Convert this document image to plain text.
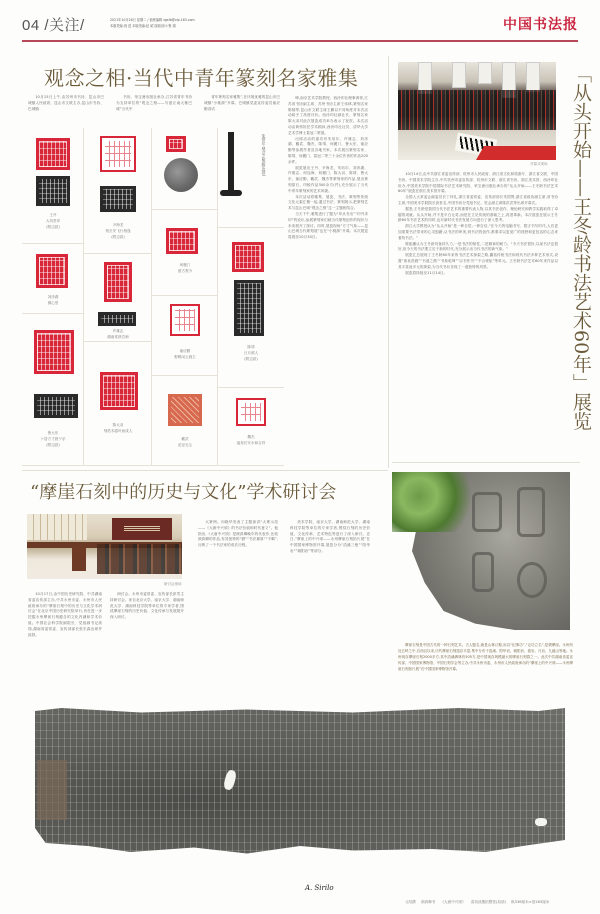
04 /关注/	2021年10月26日 星期二 / 值班编辑 zgsfb@vip.163.com
本版责编:倪 进 本版美编:赵 昭 版面设计:鲁 娟	中国书法报
观念之相·当代中青年篆刻名家雅集

10月15日上午,由苏州市书协、昆山市巴城镇人民政府、昆山市文联主办,昆山市书协、巴城镇

书协、荣宝斋出版社承办,江苏省青年书协为支持单位的“观念之相——写意江南大雅巴城”当代中

青年篆刻名家雅集”,在环境优雅的昆山市巴城镇“小桃源”开幕。巴城镇党委宣传委员童应勤讲话

肆,南京艺术学院教授、西泠印社理事黄惇,江苏省书协副主席、苏州书协主席王伟林,篆刻名家陈郁等,昆山市文联主席王鹏以不同角度对本次活动给予了高度评价。西泠印社副社长、篆刻名家陈大羽对此次展览成功举办表示了祝贺。本次活动由黄惇担任学术顾问,西泠印社社员、清华大学艺术学博士葛冠二策展。

出席活动的嘉宾有朱培尔、许雄志、刘彦湖、戴武、魏杰、陈靖、何麗门、鲁大东、童应勤等参展作者及各地书家。本次展出篆刻名家、陈靖、何麗门、葛冠二等三十余位作者的作品200余件。

展览展出王丹、尹海龙、朱培尔、刘彦湖、许雄志、何连海、何麗门、陈大羽、陈靖、鲁大东、童应勤、戴武、魏杰等篆刻家的作品,展出篆刻原石、印蜕作品300余方(件),充分展示了当代中青年篆刻家的艺术风貌。

本次活动将雅集、展览、书法、篆刻等传统文化元素汇聚一起,通过书法、篆刻展示,把篆刻艺术与昆山巴城“观念之相”这一主题相结合。

当天下午,雅集进行了题为“印从书出”“印外求印”的论坛,参展篆刻家们就当代篆刻创作的现状与未来展开了探讨。同时,展览现场“方寸气象——昆山巴城当代篆刻展”也在“小桃源”开幕。本次展览将展至10月30日。

王丹
大风堂印
(附边款)
刘彦湖
佛心堂
鲁大东
卜居方寸晨夕乐
(附边款)
尹海龙
刻长安飞行相逢
(附边款)
许雄志
湖南常熟吾师
陈大羽
刻枯木腐叶而成人
何麗门
借古观今
童应勤
野鹤闲云阁主
戴武
花径无尘
朱培尔 观念之相(附边款)
陈靖
日月照人
(附边款)
魏杰
福寿长安永和吉祥
开幕式现场	「从头开始——王冬龄书法艺术60年」展览

10月14日,由中共浙江省委宣传部、杭州市人民政府、浙江省文化和旅游厅、浙江省文联、中国书协、中国美术学院主办,中共杭州市委宣传部、杭州市文联、浙江省书协、浙江美术馆、西泠印社协办,中国美术学院中国国际书法艺术研究院、荣宝斋出版社承办的“从头开始——王冬龄书法艺术60年”展览在浙江美术馆开幕。

全国人大常委会副委员长丁仲礼,浙江省委常委、宣传部部长朱国贤,浙江省政协副主席,省书协主席,中国美术学院院长高世名,中国书协分党组书记、驻会副主席陈洪武等出席开幕式。

据悉,王冬龄是我国当代书法艺术的重要代表人物,以其书法创作、理论研究和教学实践取得了卓越的成就。从头开始,并不是平白无奇,而是在立足传统的基础之上,再度革新。本次展览在展示王冬龄60年书法艺术的同时,也对新时代书法发展方向进行了深入思考。

浙江大学教授认为“从头开始”是一种自觉,一种自信,“在今天的电脑书写、数字书写时代,人们更加需要书法带来的心灵慰藉,从书法的审美,到书法的创作,都要求以更宽广的视野和更包容的心态来看待书法。”

陈振濂认为王冬龄具备持久力,一是书法的韧性,二是精神的耐力。“今天书法很好,以前书法也很好,但今天的书法要立足于新的时代,充分展示出当代书法的新气象。”

展览汇总展现了王冬龄60年来的书法艺术探索之路,囊括传统书法和现代书法多种艺术形式,设置“寒泉洗砚”“书道之路”“书象乾坤”“以书作书”“不合规矩”等单元。王冬龄书法艺术60年来作品以其丰富而多元的探索,为当代书坛呈现了一道独特的风景。

展览将持续至11月14日。

“摩崖石刻中的历史与文化”学术研讨会
研讨会现场

10月17日,由中国历史研究院、中共湖南省委宣传部主办,中共永州市委、永州市人民政府承办的“摩崖石刻中的历史与文化学术研讨会”在北京中国历史研究院举行,旨在进一步挖掘永州摩崖石刻蕴含的文化内涵和学术价值。中国社会科学院副院长、党组副书记高翔,湖南省委常委、宣传部部长张宏森出席并致辞。

研讨会。永州市委常委、宣传部长彭雪主持研讨会。来自北京大学、南京大学、湖南师范大学、湖南科技学院等单位的专家学者,围绕摩崖石刻的历史价值、文化传承与发展展开深入研讨。

大篆例。向晓华发表了主题演讲“大篆示范——《大唐中兴颂》的书法价值和时代意义”。他指出,《大唐中兴颂》是颜真卿晚年的代表作,比较颜真卿的作品,有其独特的“磨”“书法雄厚”“不羁”,反映了一个书法家的成长历程。

美术学院、南京大学、湖南师范大学、湖南科技学院等单位的专家学者,围绕石刻的历史价值、文化传承、艺术特色等进行了深入研讨。近日,“摩崖上的中兴颂——永州摩崖石刻拓片展”在中国国家博物馆开幕,展览分为“浯溪三绝”“阳华岩”“朝阳岩”等部分。

摩崖石刻是中国古代的一种石刻艺术。古人题名,就是山林丘壑,用以“纪事功”,“记功立名”,是谓摩崖。永州所处五岭之中,自西汉以来,历代摩崖石刻遗存丰富,集中分布于浯溪、阳华岩、朝阳岩、澹岩、月岩、九嶷山等地。永州现存摩崖石刻2000多方,其中浯溪碑林有505方,是中国现存规模最大的摩崖石刻群之一。此次中共湖南省委宣传部、中国国家博物馆、中国石刻学会等主办,中共永州市委、永州市人民政府承办的“摩崖上的中兴颂——永州摩崖石刻拓片展”在中国国家博物馆开幕。

A. Sirilo
元结撰 颜真卿书 《大唐中兴颂》 清初淡墨拓整张(局部) 纵336厘米×宽283厘米
